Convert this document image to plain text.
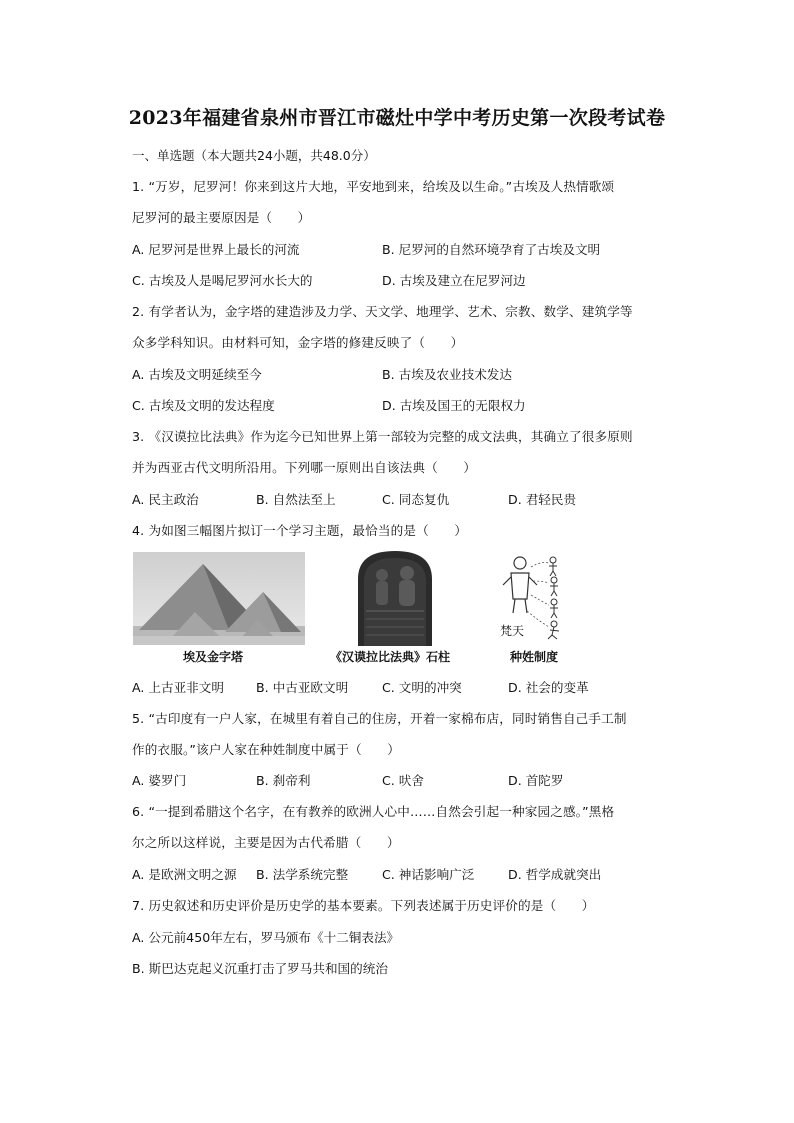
2023年福建省泉州市晋江市磁灶中学中考历史第一次段考试卷

一、单选题（本大题共24小题，共48.0分）

1. “万岁，尼罗河！你来到这片大地，平安地到来，给埃及以生命。”古埃及人热情歌颂

尼罗河的最主要原因是（　　）

A. 尼罗河是世界上最长的河流	B. 尼罗河的自然环境孕育了古埃及文明

C. 古埃及人是喝尼罗河水长大的	D. 古埃及建立在尼罗河边

2. 有学者认为，金字塔的建造涉及力学、天文学、地理学、艺术、宗教、数学、建筑学等

众多学科知识。由材料可知，金字塔的修建反映了（　　）

A. 古埃及文明延续至今	B. 古埃及农业技术发达

C. 古埃及文明的发达程度	D. 古埃及国王的无限权力

3. 《汉谟拉比法典》作为迄今已知世界上第一部较为完整的成文法典，其确立了很多原则

并为西亚古代文明所沿用。下列哪一原则出自该法典（　　）

A. 民主政治	B. 自然法至上	C. 同态复仇	D. 君轻民贵

4. 为如图三幅图片拟订一个学习主题，最恰当的是（　　）

埃及金字塔	《汉谟拉比法典》石柱
梵天
种姓制度

A. 上古亚非文明	B. 中古亚欧文明	C. 文明的冲突	D. 社会的变革

5. “古印度有一户人家，在城里有着自己的住房，开着一家棉布店，同时销售自己手工制

作的衣服。”该户人家在种姓制度中属于（　　）

A. 婆罗门	B. 刹帝利	C. 吠舍	D. 首陀罗

6. “一提到希腊这个名字，在有教养的欧洲人心中……自然会引起一种家园之感。”黑格

尔之所以这样说，主要是因为古代希腊（　　）

A. 是欧洲文明之源 B. 法学系统完整	C. 神话影响广泛	D. 哲学成就突出

7. 历史叙述和历史评价是历史学的基本要素。下列表述属于历史评价的是（　　）

A. 公元前450年左右，罗马颁布《十二铜表法》

B. 斯巴达克起义沉重打击了罗马共和国的统治
